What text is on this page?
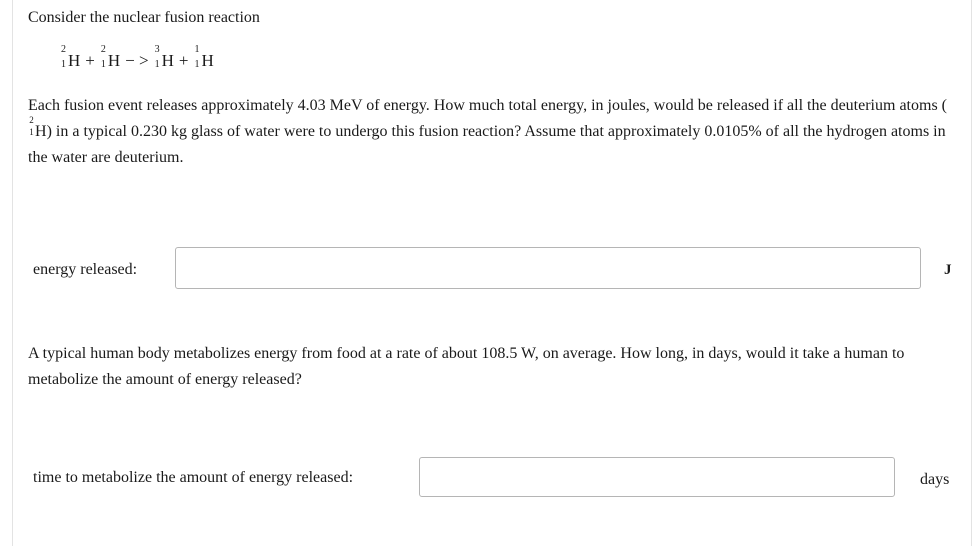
Consider the nuclear fusion reaction
2
1 H +
2
1 H − >
3
1 H +
1
1 H
Each fusion event releases approximately 4.03 MeV of energy. How much total energy, in joules, would be released if all the deuterium atoms (
2
1 H) in a typical 0.230 kg glass of water were to undergo this fusion reaction? Assume that approximately 0.0105% of all the hydrogen atoms in the water are deuterium.
energy released:	J
A typical human body metabolizes energy from food at a rate of about 108.5 W, on average. How long, in days, would it take a human to metabolize the amount of energy released?
time to metabolize the amount of energy released:	days
